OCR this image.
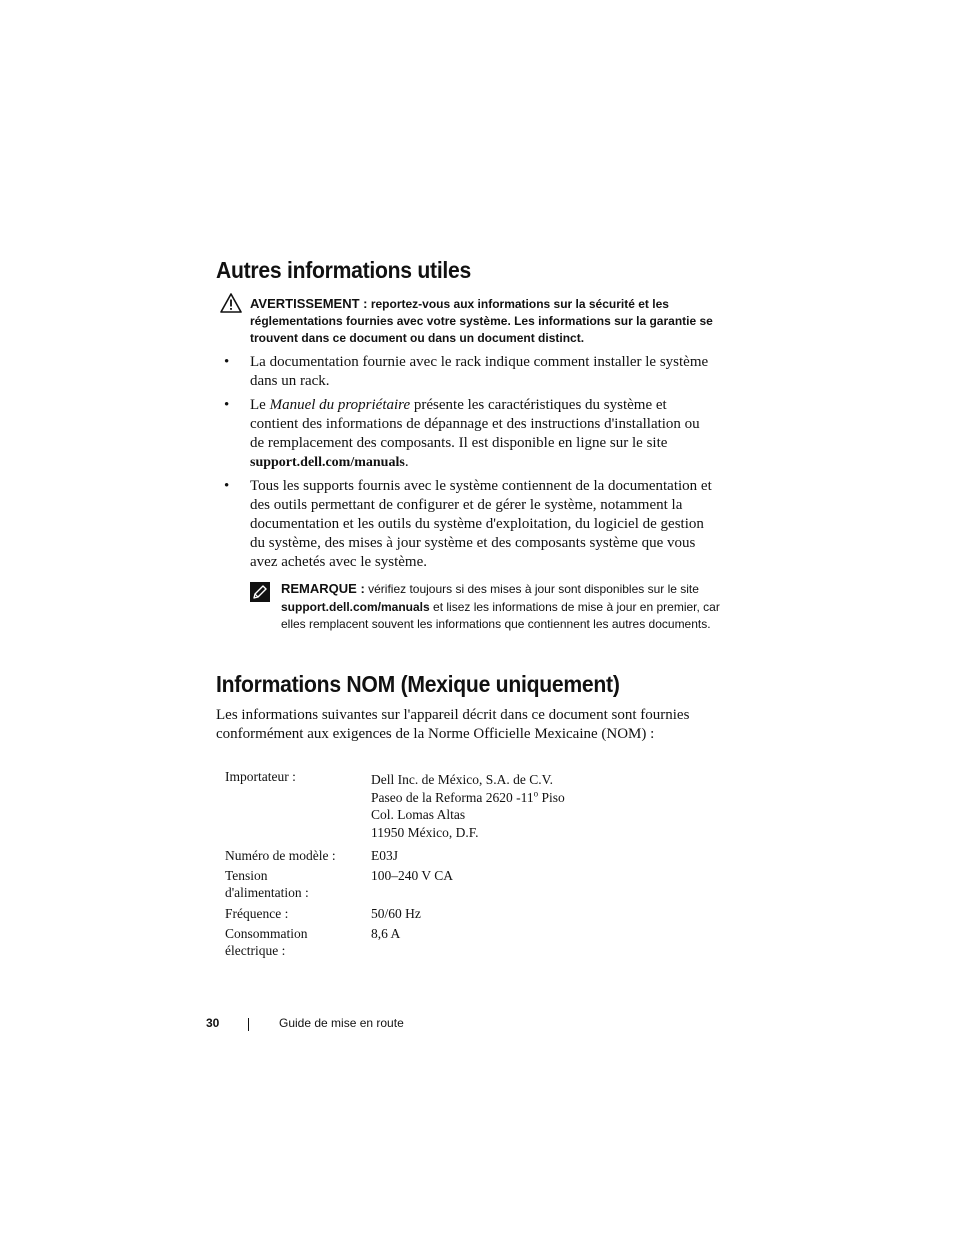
Autres informations utiles
AVERTISSEMENT : reportez-vous aux informations sur la sécurité et les réglementations fournies avec votre système. Les informations sur la garantie se trouvent dans ce document ou dans un document distinct.
• La documentation fournie avec le rack indique comment installer le système dans un rack.
• Le Manuel du propriétaire présente les caractéristiques du système et contient des informations de dépannage et des instructions d'installation ou de remplacement des composants. Il est disponible en ligne sur le site support.dell.com/manuals.
• Tous les supports fournis avec le système contiennent de la documentation et des outils permettant de configurer et de gérer le système, notamment la documentation et les outils du système d'exploitation, du logiciel de gestion du système, des mises à jour système et des composants système que vous avez achetés avec le système.
REMARQUE : vérifiez toujours si des mises à jour sont disponibles sur le site support.dell.com/manuals et lisez les informations de mise à jour en premier, car elles remplacent souvent les informations que contiennent les autres documents.
Informations NOM (Mexique uniquement)
Les informations suivantes sur l'appareil décrit dans ce document sont fournies conformément aux exigences de la Norme Officielle Mexicaine (NOM) :
Importateur :	Dell Inc. de México, S.A. de C.V.
Paseo de la Reforma 2620 -11$^o$ Piso
Col. Lomas Altas
11950 México, D.F.
Numéro de modèle :	E03J
Tension d'alimentation :
100–240 V CA
Fréquence :	50/60 Hz
Consommation électrique :
8,6 A
30	Guide de mise en route
